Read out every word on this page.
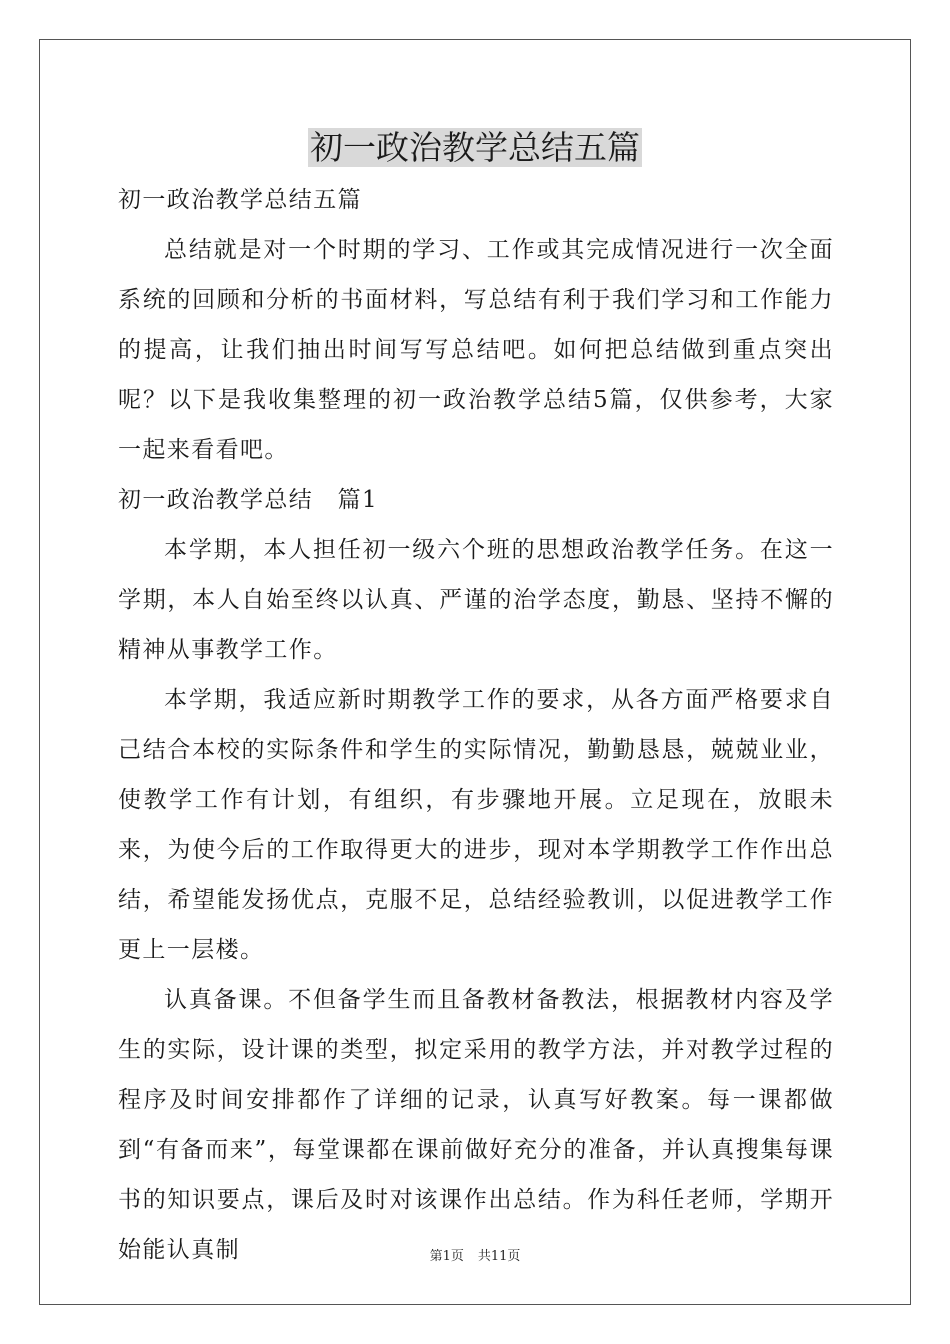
初一政治教学总结五篇

初一政治教学总结五篇

总结就是对一个时期的学习、工作或其完成情况进行一次全面系统的回顾和分析的书面材料，写总结有利于我们学习和工作能力的提高，让我们抽出时间写写总结吧。如何把总结做到重点突出呢？以下是我收集整理的初一政治教学总结5篇，仅供参考，大家一起来看看吧。

初一政治教学总结　篇1

本学期，本人担任初一级六个班的思想政治教学任务。在这一学期，本人自始至终以认真、严谨的治学态度，勤恳、坚持不懈的精神从事教学工作。

本学期，我适应新时期教学工作的要求，从各方面严格要求自己结合本校的实际条件和学生的实际情况，勤勤恳恳，兢兢业业，使教学工作有计划，有组织，有步骤地开展。立足现在，放眼未来，为使今后的工作取得更大的进步，现对本学期教学工作作出总结，希望能发扬优点，克服不足，总结经验教训，以促进教学工作更上一层楼。

认真备课。不但备学生而且备教材备教法，根据教材内容及学生的实际，设计课的类型，拟定采用的教学方法，并对教学过程的程序及时间安排都作了详细的记录，认真写好教案。每一课都做到“有备而来”，每堂课都在课前做好充分的准备，并认真搜集每课书的知识要点，课后及时对该课作出总结。作为科任老师，学期开始能认真制	第1页 共11页
